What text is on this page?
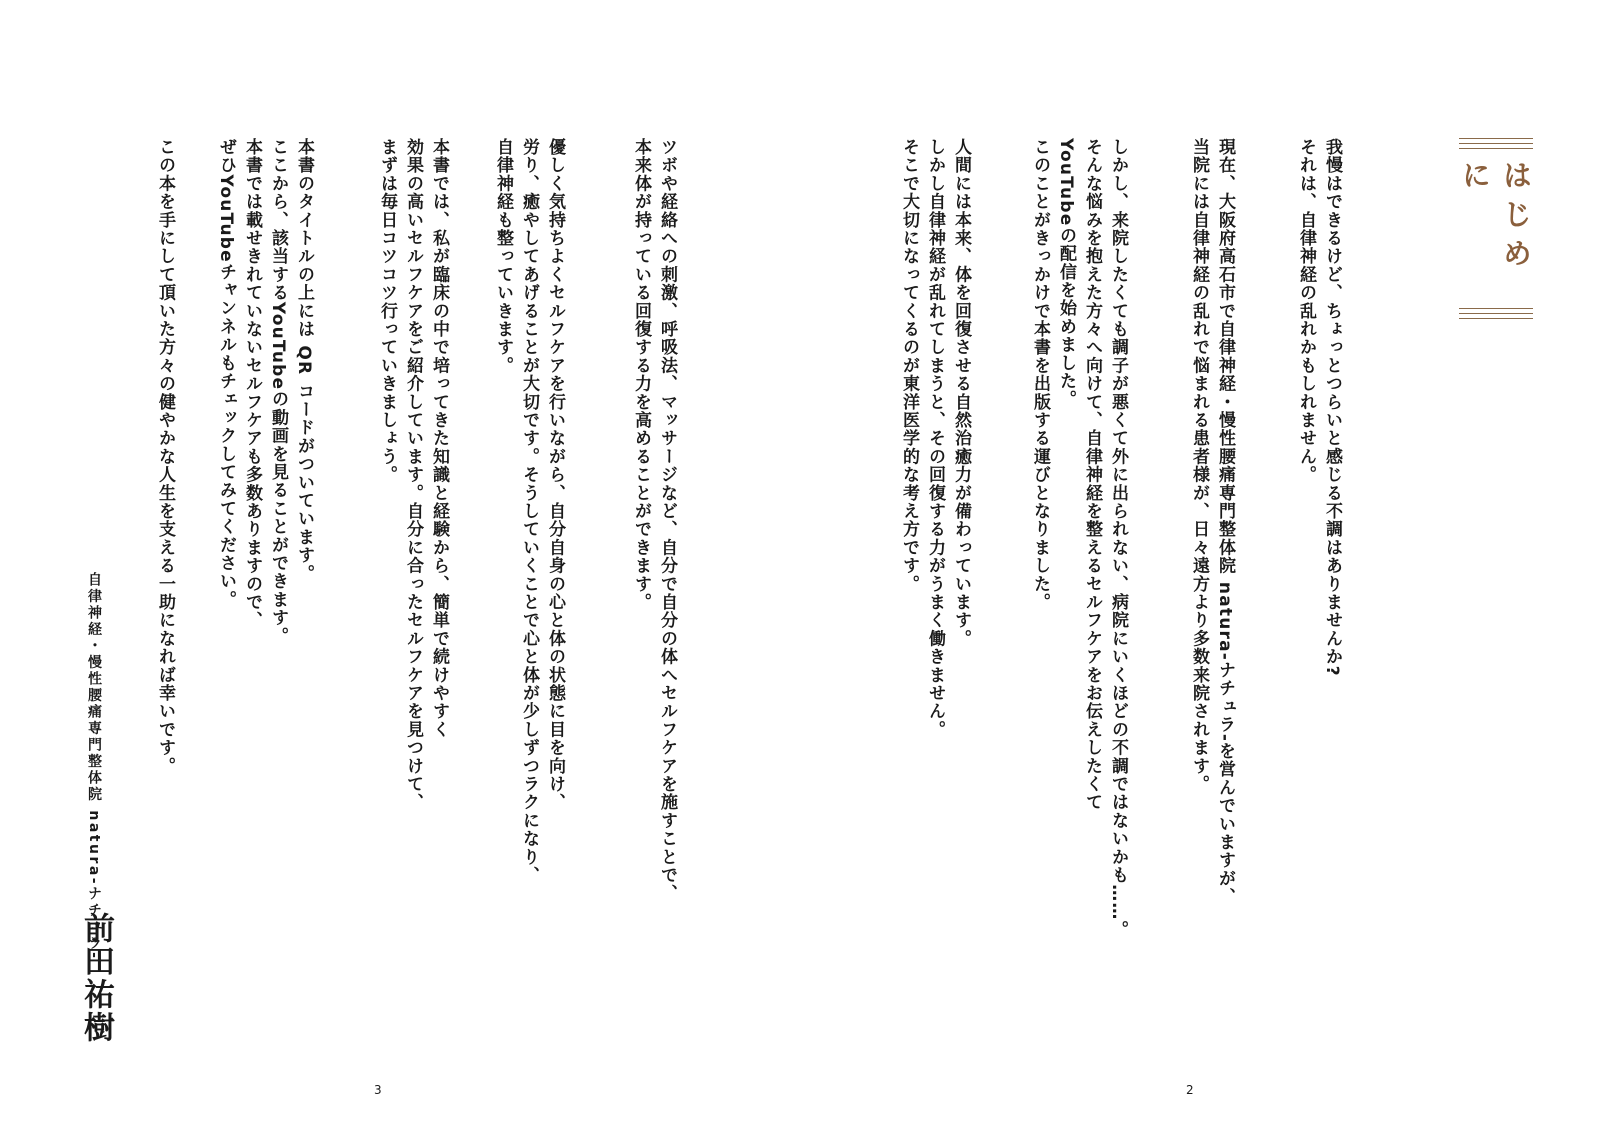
はじめに

我慢はできるけど、ちょっとつらいと感じる不調はありませんか?
それは、自律神経の乱れかもしれません。

現在、大阪府高石市で自律神経・慢性腰痛専門整体院 natura-ナチュラ-を営んでいますが、
当院には自律神経の乱れで悩まれる患者様が、日々遠方より多数来院されます。

しかし、来院したくても調子が悪くて外に出られない、病院にいくほどの不調ではないかも……。
そんな悩みを抱えた方々へ向けて、自律神経を整えるセルフケアをお伝えしたくて
YouTubeの配信を始めました。
このことがきっかけで本書を出版する運びとなりました。

人間には本来、体を回復させる自然治癒力が備わっています。
しかし自律神経が乱れてしまうと、その回復する力がうまく働きません。
そこで大切になってくるのが東洋医学的な考え方です。

2

ツボや経絡への刺激、呼吸法、マッサージなど、自分で自分の体へセルフケアを施すことで、
本来体が持っている回復する力を高めることができます。

優しく気持ちよくセルフケアを行いながら、自分自身の心と体の状態に目を向け、
労り、癒やしてあげることが大切です。そうしていくことで心と体が少しずつラクになり、
自律神経も整っていきます。

本書では、私が臨床の中で培ってきた知識と経験から、簡単で続けやすく
効果の高いセルフケアをご紹介しています。自分に合ったセルフケアを見つけて、
まずは毎日コツコツ行っていきましょう。

本書のタイトルの上には QR コードがついています。
ここから、該当するYouTubeの動画を見ることができます。
本書では載せきれていないセルフケアも多数ありますので、
ぜひYouTubeチャンネルもチェックしてみてください。

この本を手にして頂いた方々の健やかな人生を支える一助になれば幸いです。

自律神経・慢性腰痛専門整体院 natura-ナチュラ-

前田祐樹

3
